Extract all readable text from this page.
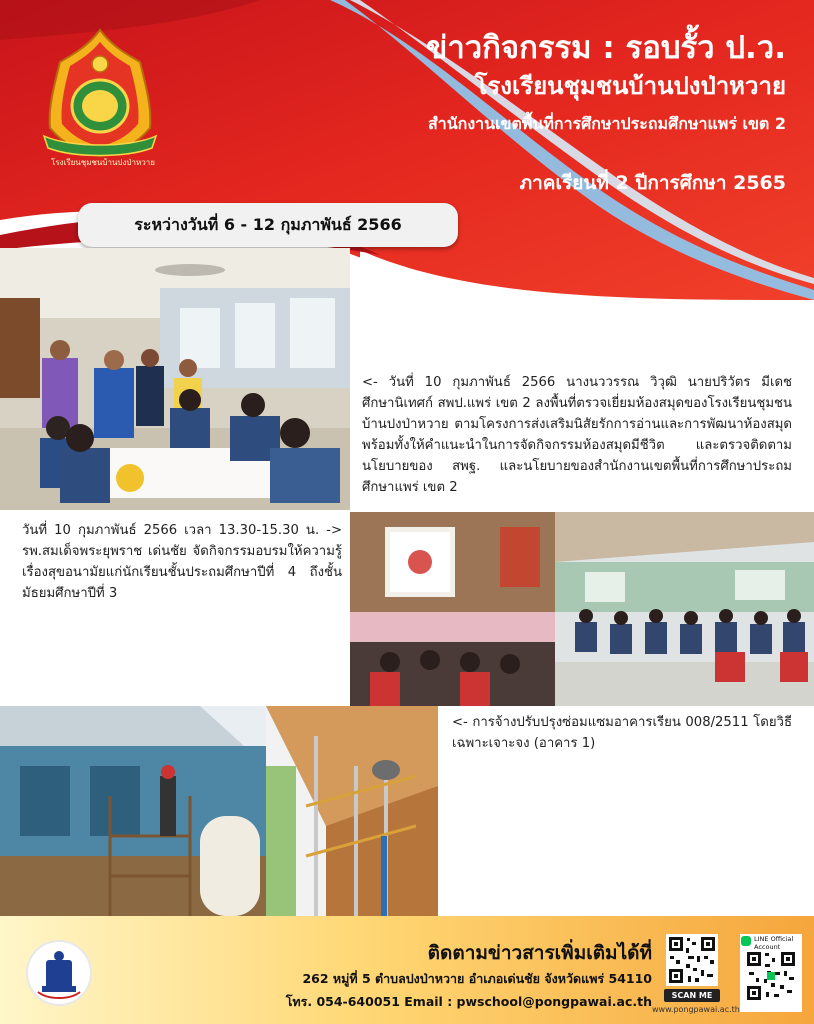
โรงเรียนชุมชนบ้านปงป่าหวาย
ข่าวกิจกรรม : รอบรั้ว ป.ว.
โรงเรียนชุมชนบ้านปงป่าหวาย
สำนักงานเขตพื้นที่การศึกษาประถมศึกษาแพร่ เขต 2
ภาคเรียนที่ 2 ปีการศึกษา 2565
ระหว่างวันที่ 6 - 12 กุมภาพันธ์ 2566
<- วันที่ 10 กุมภาพันธ์ 2566 นางนววรรณ วิวุฒิ นายปริวัตร มีเดช ศึกษานิเทศก์ สพป.แพร่ เขต 2 ลงพื้นที่ตรวจเยี่ยมห้องสมุดของโรงเรียนชุมชนบ้านปงป่าหวาย ตามโครงการส่งเสริมนิสัยรักการอ่านและการพัฒนาห้องสมุด พร้อมทั้งให้คำแนะนำในการจัดกิจกรรมห้องสมุดมีชีวิต และตรวจติดตามนโยบายของ สพฐ. และนโยบายของสำนักงานเขตพื้นที่การศึกษาประถมศึกษาแพร่ เขต 2
วันที่ 10 กุมภาพันธ์ 2566 เวลา 13.30-15.30 น. -> รพ.สมเด็จพระยุพราช เด่นชัย จัดกิจกรรมอบรมให้ความรู้เรื่องสุขอนามัยแก่นักเรียนชั้นประถมศึกษาปีที่ 4 ถึงชั้นมัธยมศึกษาปีที่ 3
<- การจ้างปรับปรุงซ่อมแซมอาคารเรียน 008/2511 โดยวิธีเฉพาะเจาะจง (อาคาร 1)
ติดตามข่าวสารเพิ่มเติมได้ที่
262 หมู่ที่ 5 ตำบลปงป่าหวาย อำเภอเด่นชัย จังหวัดแพร่ 54110
โทร. 054-640051 Email : pwschool@pongpawai.ac.th	SCAN ME
www.pongpawai.ac.th
LINE Official Account
